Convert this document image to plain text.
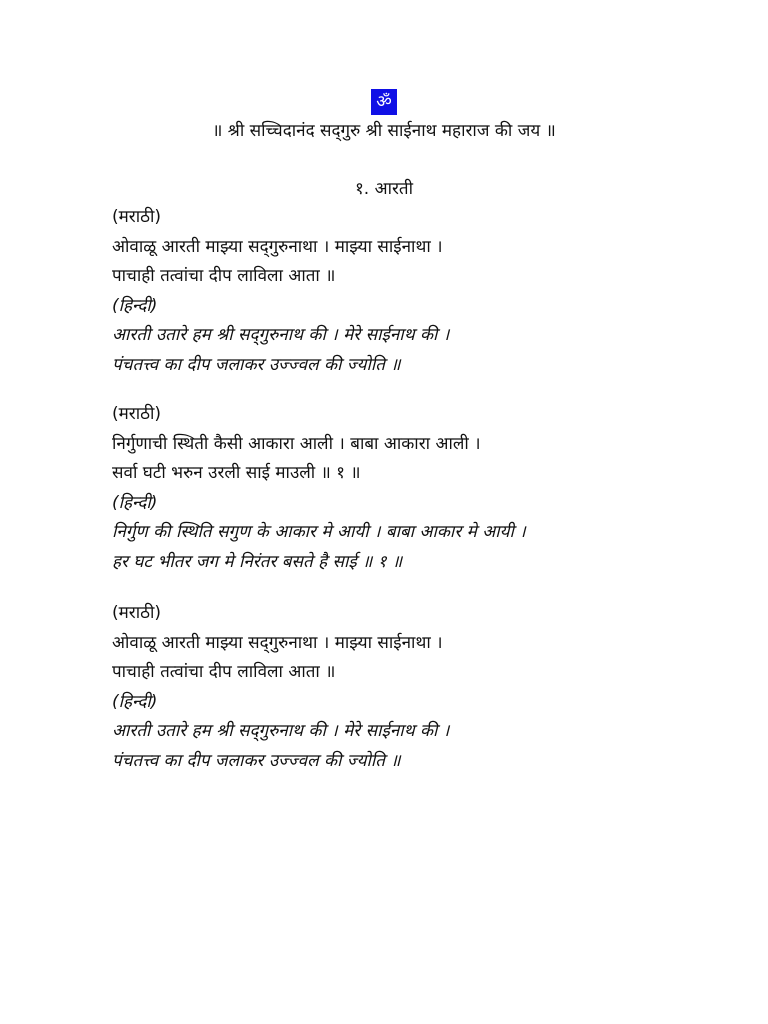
ॐ
॥ श्री सच्चिदानंद सद्‌गुरु श्री साईनाथ महाराज की जय ॥
१. आरती
(मराठी)
ओवाळू आरती माझ्या सद्‌गुरुनाथा । माझ्या साईनाथा ।
पाचाही तत्वांचा दीप लाविला आता ॥
(हिन्दी)
आरती उतारे हम श्री सद्‌गुरुनाथ की । मेरे साईनाथ की ।
पंचतत्त्व का दीप जलाकर उज्ज्वल की ज्योति ॥
(मराठी)
निर्गुणाची स्थिती कैसी आकारा आली । बाबा आकारा आली ।
सर्वा घटी भरुन उरली साई माउली ॥ १ ॥
(हिन्दी)
निर्गुण की स्थिति सगुण के आकार मे आयी । बाबा आकार मे आयी ।
हर घट भीतर जग मे निरंतर बसते है साई ॥ १ ॥
(मराठी)
ओवाळू आरती माझ्या सद्‌गुरुनाथा । माझ्या साईनाथा ।
पाचाही तत्वांचा दीप लाविला आता ॥
(हिन्दी)
आरती उतारे हम श्री सद्‌गुरुनाथ की । मेरे साईनाथ की ।
पंचतत्त्व का दीप जलाकर उज्ज्वल की ज्योति ॥
